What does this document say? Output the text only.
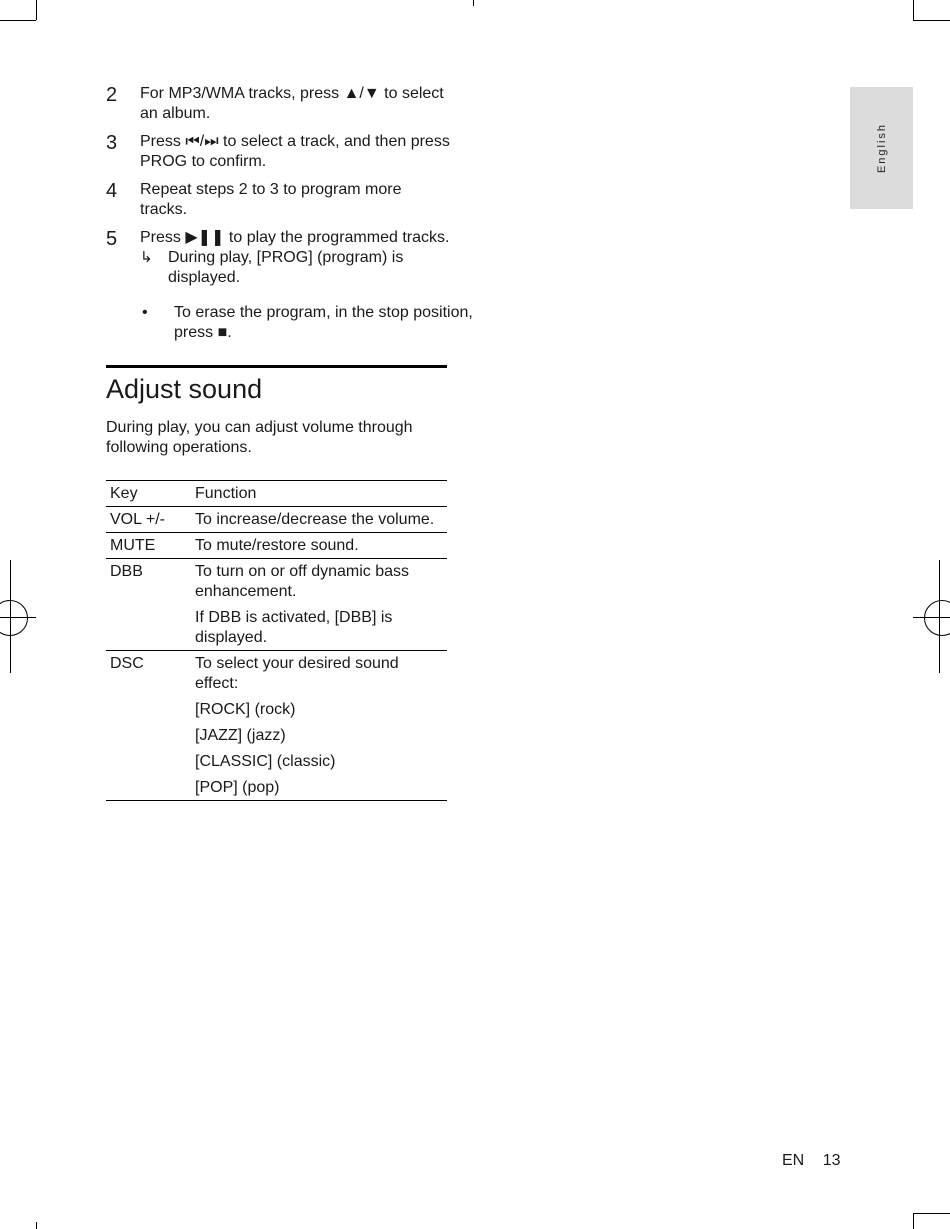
English
2 For MP3/WMA tracks, press ▲/▼ to select an album.
3 Press ⏮/⏭ to select a track, and then press PROG to confirm.
4 Repeat steps 2 to 3 to program more tracks.
5 Press ▶❚❚ to play the programmed tracks.
↳ During play, [PROG] (program) is displayed.
• To erase the program, in the stop position, press ■.
Adjust sound
During play, you can adjust volume through following operations.
Key	Function
VOL +/-	To increase/decrease the volume.

MUTE	To mute/restore sound.

DBB	To turn on or off dynamic bass enhancement.
If DBB is activated, [DBB] is displayed.

DSC	To select your desired sound effect:
[ROCK] (rock)
[JAZZ] (jazz)
[CLASSIC] (classic)
[POP] (pop)
EN 13
